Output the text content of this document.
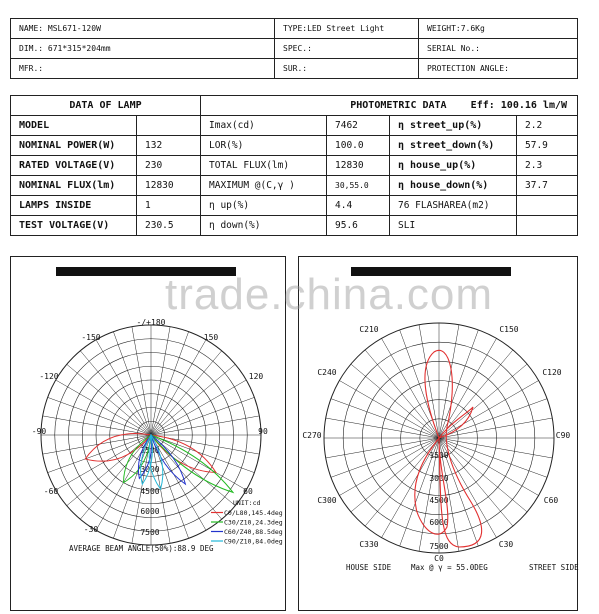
NAME: MSL671-120W	TYPE:LED Street Light	WEIGHT:7.6Kg
DIM.: 671*315*204mm	SPEC.:	SERIAL No.:
MFR.:	SUR.:	PROTECTION ANGLE:
DATA OF LAMP		PHOTOMETRIC DATA Eff: 100.16 lm/W			
MODEL		Imax(cd)	7462	η street_up(%)	2.2
NOMINAL POWER(W)	132	LOR(%)	100.0	η street_down(%)	57.9
RATED VOLTAGE(V)	230	TOTAL FLUX(lm)	12830	η house_up(%)	2.3
NOMINAL FLUX(lm)	12830	MAXIMUM @(C,γ )	30,55.0	η house_down(%)	37.7
LAMPS INSIDE	1	η up(%)	4.4	76 FLASHAREA(m2)	
TEST VOLTAGE(V)	230.5	η down(%)	95.6	SLI	
-/+180
-150	150
-120	120
-90	90
-60	60
-30
1500
3000
4500
6000
7500
UNIT:cd
C0/L80,145.4deg
C30/Z10,24.3deg
C60/Z40,88.5deg
C90/Z10,84.0deg
AVERAGE BEAM ANGLE(50%):88.9 DEG
C210	C150
C240	C120
C270	C90
C300	C60
C330	C30
C0
1500
3000
4500
6000
7500
HOUSE SIDE	Max @ γ = 55.0DEG	STREET SIDE
trade.china.com
